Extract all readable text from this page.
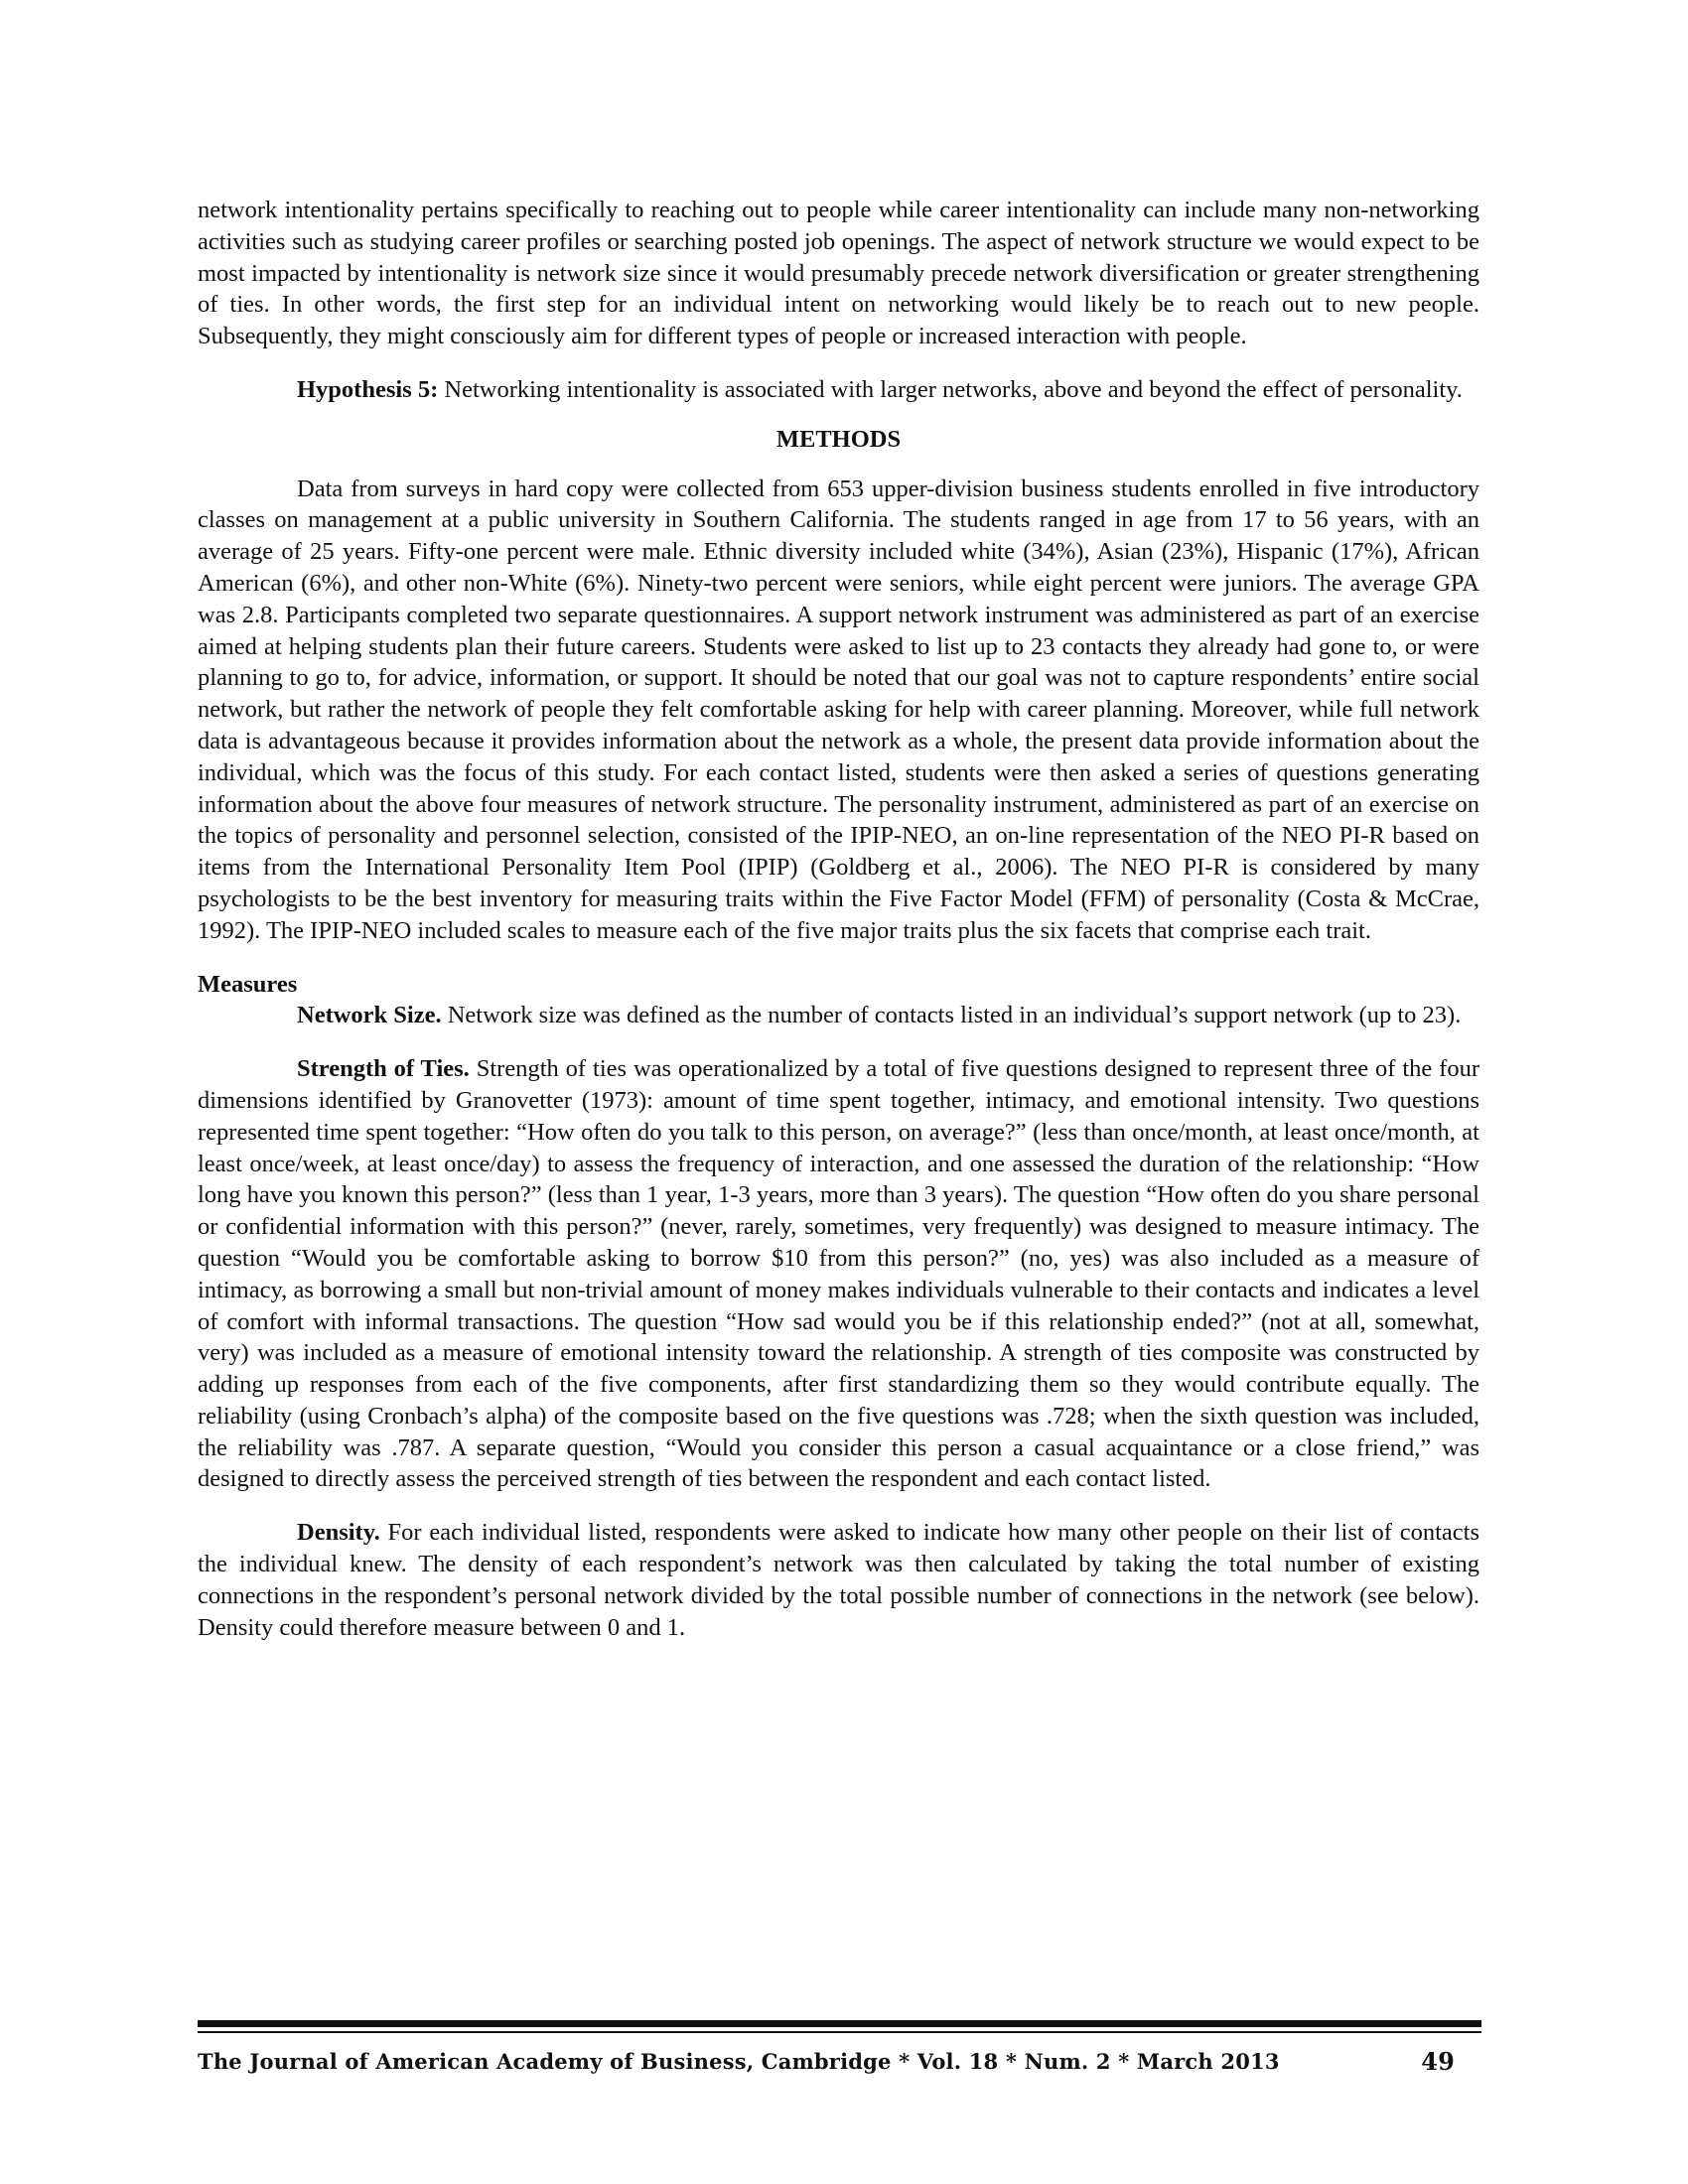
network intentionality pertains specifically to reaching out to people while career intentionality can include many non-networking activities such as studying career profiles or searching posted job openings. The aspect of network structure we would expect to be most impacted by intentionality is network size since it would presumably precede network diversification or greater strengthening of ties. In other words, the first step for an individual intent on networking would likely be to reach out to new people. Subsequently, they might consciously aim for different types of people or increased interaction with people.

Hypothesis 5: Networking intentionality is associated with larger networks, above and beyond the effect of personality.

METHODS

Data from surveys in hard copy were collected from 653 upper-division business students enrolled in five introductory classes on management at a public university in Southern California. The students ranged in age from 17 to 56 years, with an average of 25 years. Fifty-one percent were male. Ethnic diversity included white (34%), Asian (23%), Hispanic (17%), African American (6%), and other non-White (6%). Ninety-two percent were seniors, while eight percent were juniors. The average GPA was 2.8. Participants completed two separate questionnaires. A support network instrument was administered as part of an exercise aimed at helping students plan their future careers. Students were asked to list up to 23 contacts they already had gone to, or were planning to go to, for advice, information, or support. It should be noted that our goal was not to capture respondents’ entire social network, but rather the network of people they felt comfortable asking for help with career planning. Moreover, while full network data is advantageous because it provides information about the network as a whole, the present data provide information about the individual, which was the focus of this study. For each contact listed, students were then asked a series of questions generating information about the above four measures of network structure. The personality instrument, administered as part of an exercise on the topics of personality and personnel selection, consisted of the IPIP-NEO, an on-line representation of the NEO PI-R based on items from the International Personality Item Pool (IPIP) (Goldberg et al., 2006). The NEO PI-R is considered by many psychologists to be the best inventory for measuring traits within the Five Factor Model (FFM) of personality (Costa & McCrae, 1992). The IPIP-NEO included scales to measure each of the five major traits plus the six facets that comprise each trait.

Measures

Network Size. Network size was defined as the number of contacts listed in an individual’s support network (up to 23).

Strength of Ties. Strength of ties was operationalized by a total of five questions designed to represent three of the four dimensions identified by Granovetter (1973): amount of time spent together, intimacy, and emotional intensity. Two questions represented time spent together: “How often do you talk to this person, on average?” (less than once/month, at least once/month, at least once/week, at least once/day) to assess the frequency of interaction, and one assessed the duration of the relationship: “How long have you known this person?” (less than 1 year, 1-3 years, more than 3 years). The question “How often do you share personal or confidential information with this person?” (never, rarely, sometimes, very frequently) was designed to measure intimacy. The question “Would you be comfortable asking to borrow $10 from this person?” (no, yes) was also included as a measure of intimacy, as borrowing a small but non-trivial amount of money makes individuals vulnerable to their contacts and indicates a level of comfort with informal transactions. The question “How sad would you be if this relationship ended?” (not at all, somewhat, very) was included as a measure of emotional intensity toward the relationship. A strength of ties composite was constructed by adding up responses from each of the five components, after first standardizing them so they would contribute equally. The reliability (using Cronbach’s alpha) of the composite based on the five questions was .728; when the sixth question was included, the reliability was .787. A separate question, “Would you consider this person a casual acquaintance or a close friend,” was designed to directly assess the perceived strength of ties between the respondent and each contact listed.

Density. For each individual listed, respondents were asked to indicate how many other people on their list of contacts the individual knew. The density of each respondent’s network was then calculated by taking the total number of existing connections in the respondent’s personal network divided by the total possible number of connections in the network (see below). Density could therefore measure between 0 and 1.

The Journal of American Academy of Business, Cambridge * Vol. 18 * Num. 2 * March 2013	49
